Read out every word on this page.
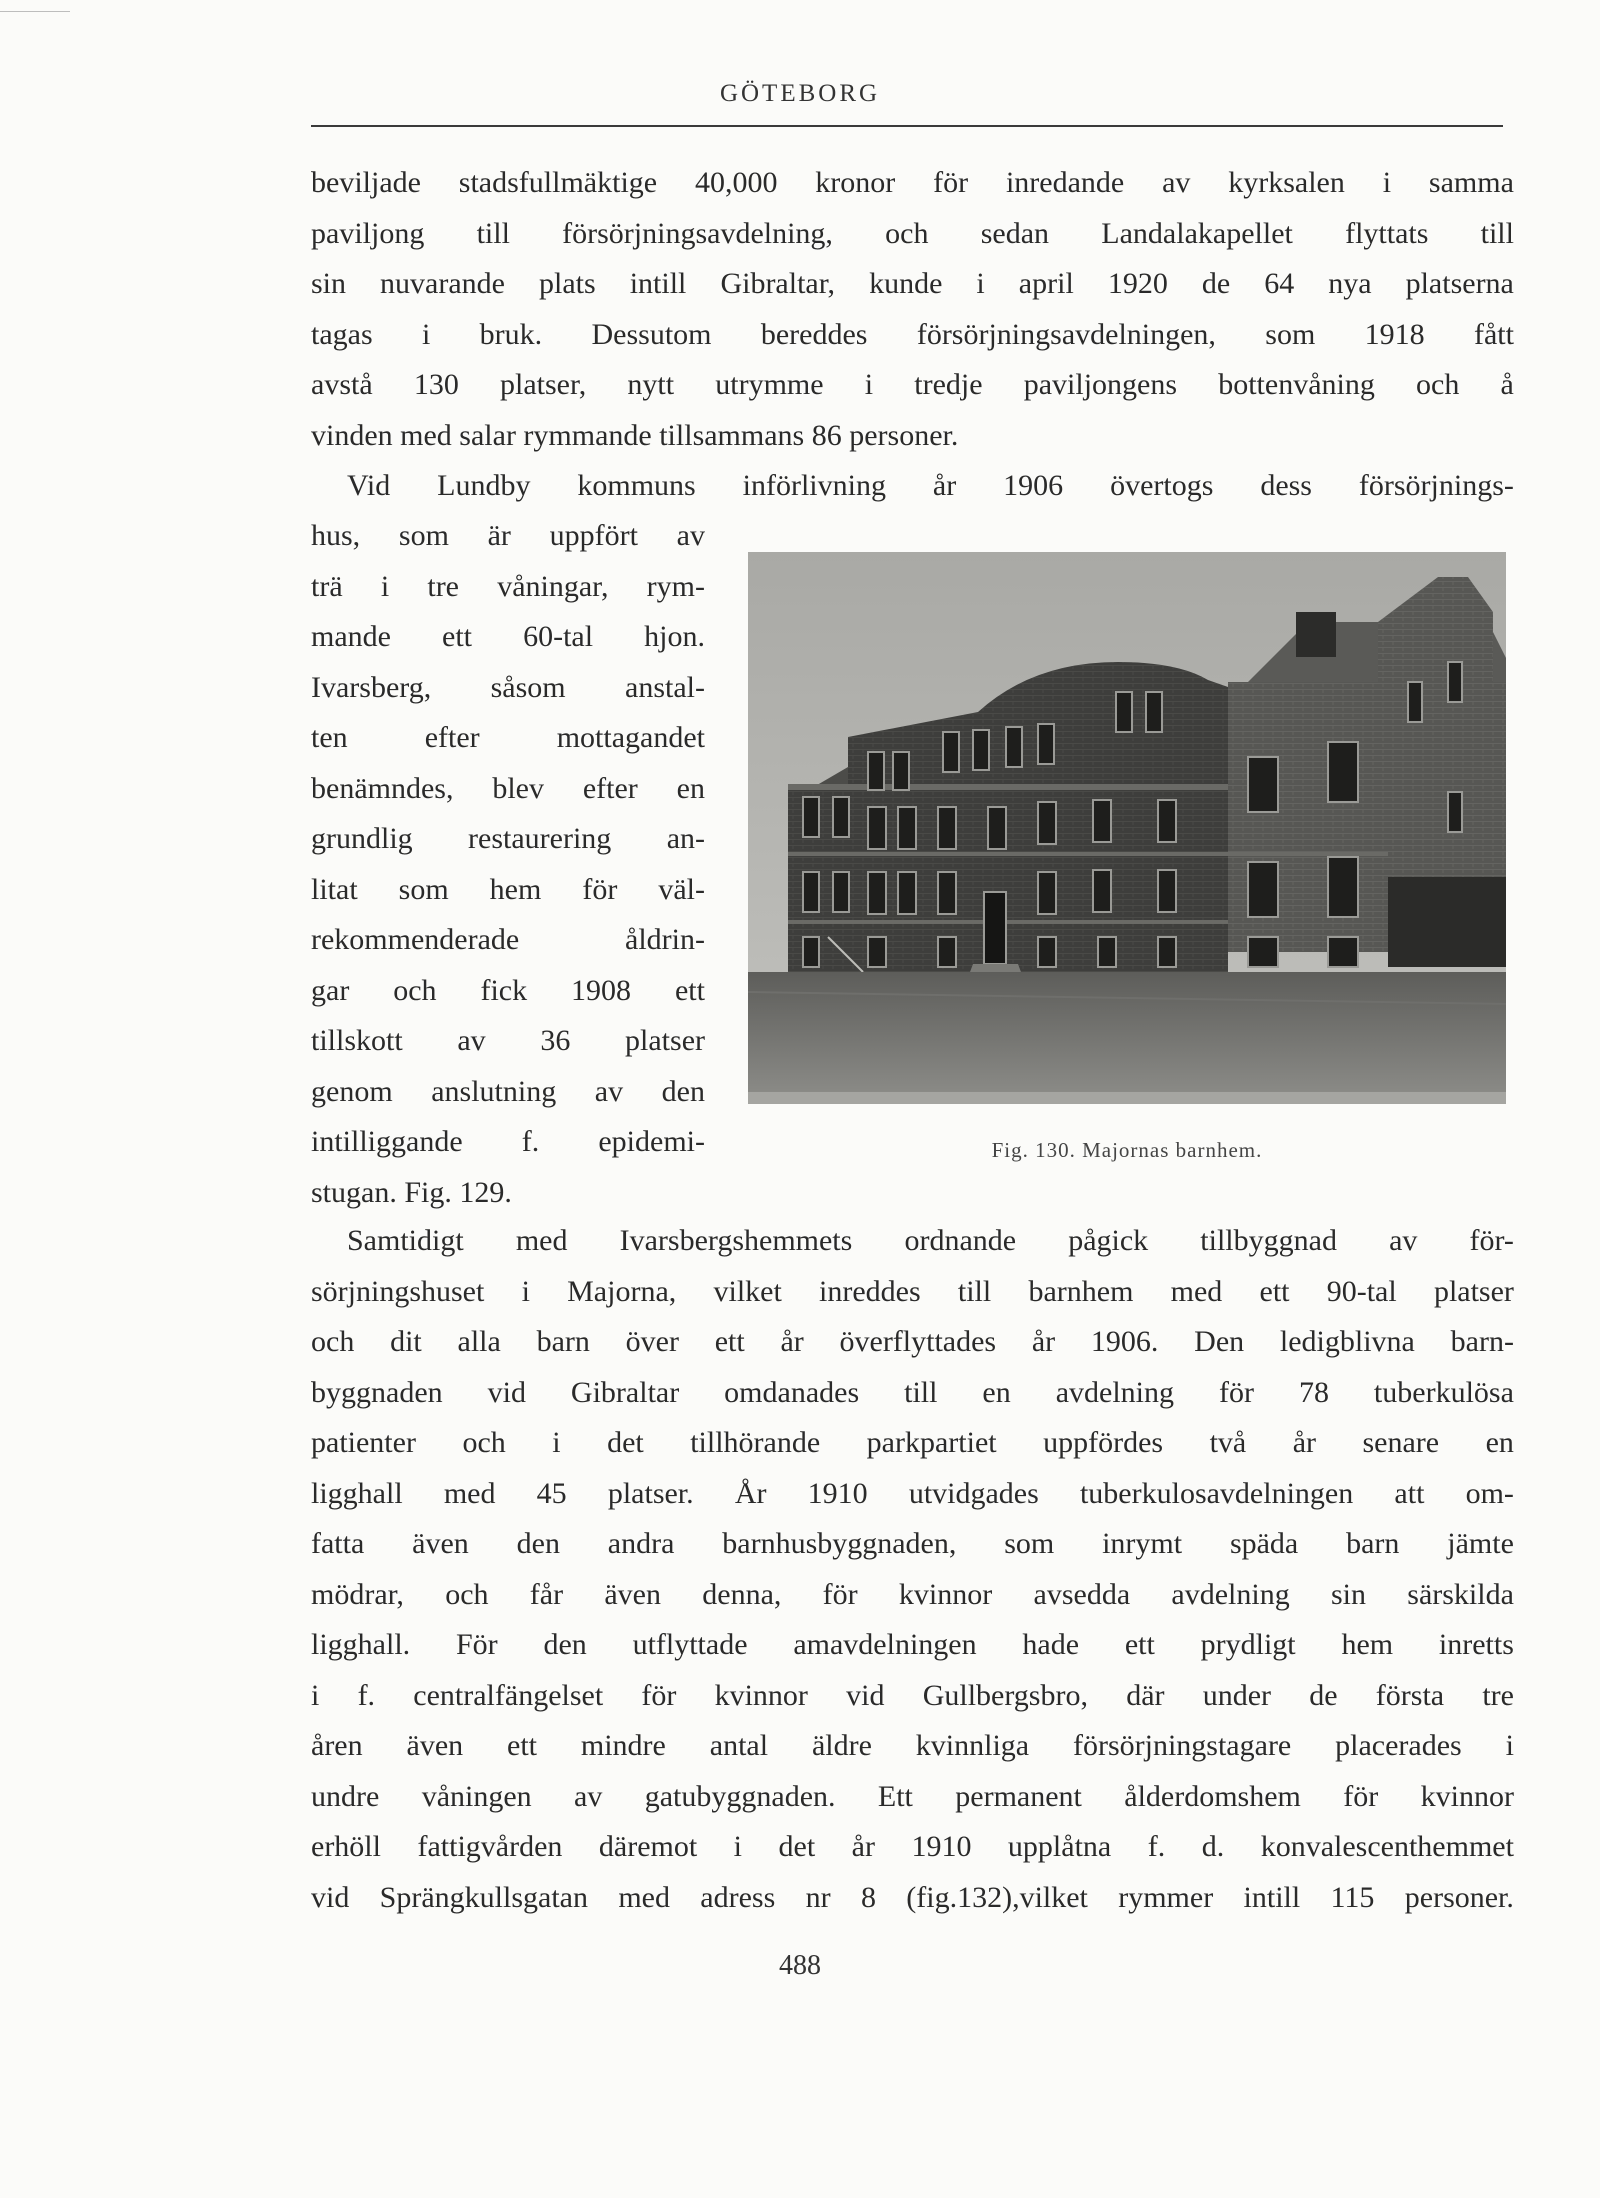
GÖTEBORG
beviljade stadsfullmäktige 40,000 kronor för inredande av kyrksalen i samma
paviljong till försörjningsavdelning, och sedan Landalakapellet flyttats till
sin nuvarande plats intill Gibraltar, kunde i april 1920 de 64 nya platserna
tagas i bruk. Dessutom bereddes försörjningsavdelningen, som 1918 fått
avstå 130 platser, nytt utrymme i tredje paviljongens bottenvåning och å
vinden med salar rymmande tillsammans 86 personer.
Vid Lundby kommuns införlivning år 1906 övertogs dess försörjnings-
hus, som är uppfört av
trä i tre våningar, rym-
mande ett 60-tal hjon.
Ivarsberg, såsom anstal-
ten	efter	mottagandet
benämndes, blev efter en
grundlig restaurering an-
litat som hem för väl-
rekommenderade	åldrin-
gar och fick 1908 ett
tillskott av 36 platser
genom anslutning av den
intilliggande f. epidemi-
stugan. Fig. 129.
Fig. 130. Majornas barnhem.
Samtidigt med Ivarsbergshemmets ordnande pågick tillbyggnad av för-
sörjningshuset i Majorna, vilket inreddes till barnhem med ett 90-tal platser
och dit alla barn över ett år överflyttades år 1906. Den ledigblivna barn-
byggnaden vid Gibraltar omdanades till en avdelning för 78 tuberkulösa
patienter och i det tillhörande parkpartiet uppfördes två år senare en
ligghall med 45 platser. År 1910 utvidgades tuberkulosavdelningen att om-
fatta även den andra barnhusbyggnaden, som inrymt späda barn jämte
mödrar, och får även denna, för kvinnor avsedda avdelning sin särskilda
ligghall. För den utflyttade amavdelningen hade ett prydligt hem inretts
i f. centralfängelset för kvinnor vid Gullbergsbro, där under de första tre
åren även ett mindre antal äldre kvinnliga försörjningstagare placerades i
undre våningen av gatubyggnaden. Ett permanent ålderdomshem för kvinnor
erhöll fattigvården däremot i det år 1910 upplåtna f. d. konvalescenthemmet
vid Sprängkullsgatan med adress nr 8 (fig.132),vilket rymmer intill 115 personer.
488
